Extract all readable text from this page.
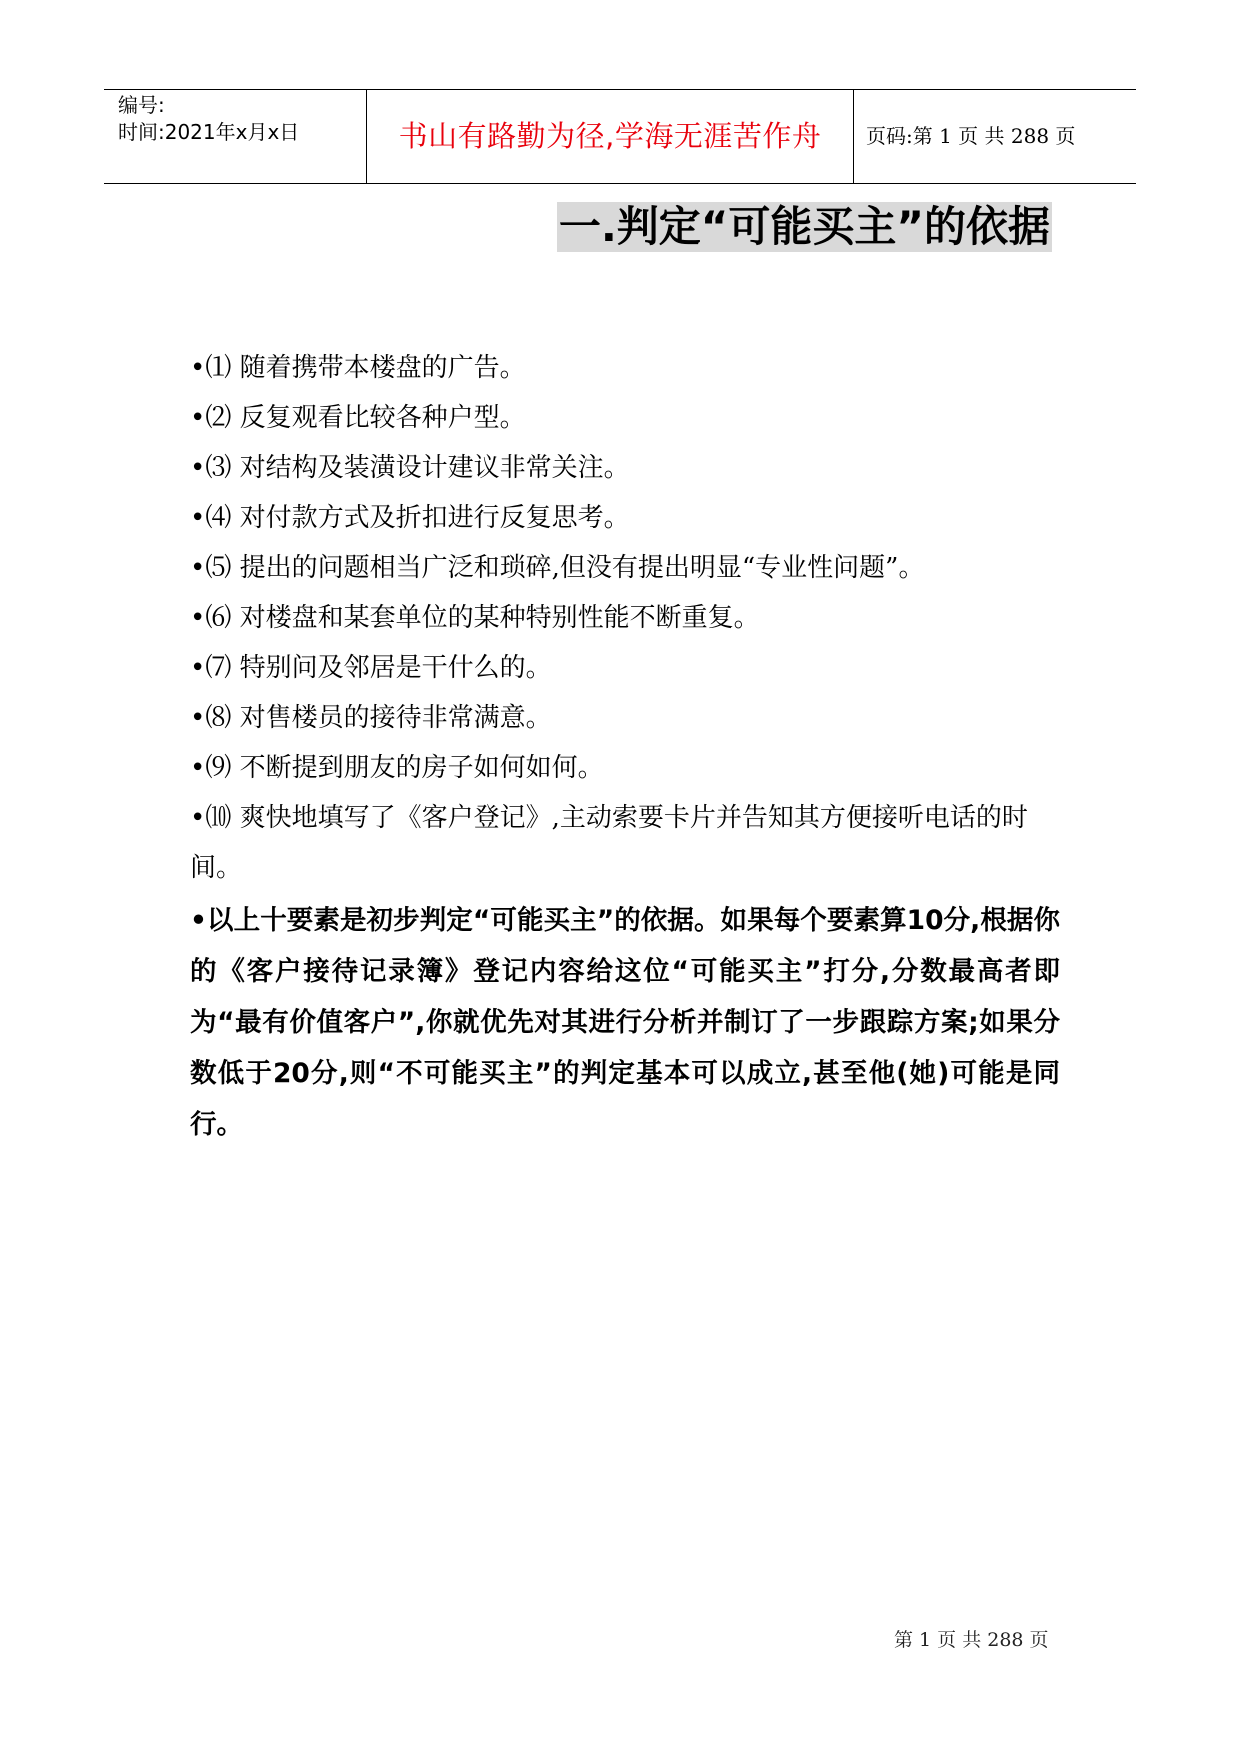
编号:
时间:2021年x月x日	书山有路勤为径,学海无涯苦作舟	页码:第 1 页 共 288 页
一.判定“可能买主”的依据
•⑴ 随着携带本楼盘的广告。
•⑵ 反复观看比较各种户型。
•⑶ 对结构及装潢设计建议非常关注。
•⑷ 对付款方式及折扣进行反复思考。
•⑸ 提出的问题相当广泛和琐碎,但没有提出明显“专业性问题”。
•⑹ 对楼盘和某套单位的某种特别性能不断重复。
•⑺ 特别问及邻居是干什么的。
•⑻ 对售楼员的接待非常满意。
•⑼ 不断提到朋友的房子如何如何。
•⑽ 爽快地填写了《客户登记》,主动索要卡片并告知其方便接听电话的时间。
•以上十要素是初步判定“可能买主”的依据。如果每个要素算10分,根据你的《客户接待记录簿》登记内容给这位“可能买主”打分,分数最高者即为“最有价值客户”,你就优先对其进行分析并制订了一步跟踪方案;如果分数低于20分,则“不可能买主”的判定基本可以成立,甚至他(她)可能是同行。
第 1 页 共 288 页
